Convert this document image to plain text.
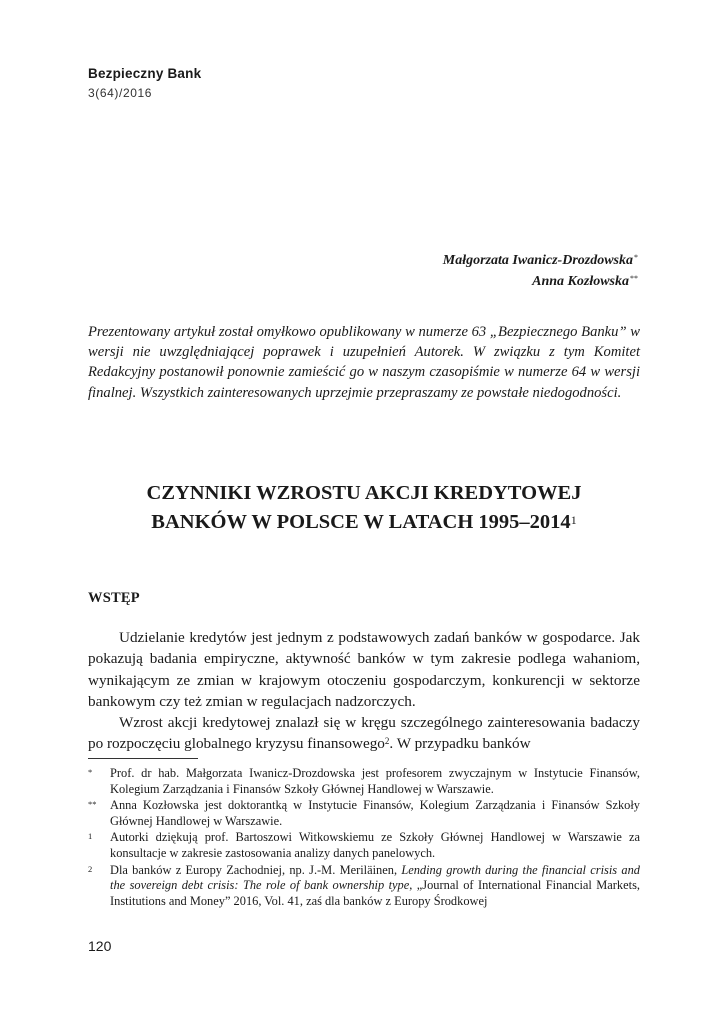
Bezpieczny Bank
3(64)/2016
Małgorzata Iwanicz-Drozdowska*
Anna Kozłowska**
Prezentowany artykuł został omyłkowo opublikowany w numerze 63 „Bezpiecznego Banku” w wersji nie uwzględniającej poprawek i uzupełnień Autorek. W związku z tym Komitet Redakcyjny postanowił ponownie zamieścić go w naszym czasopiśmie w numerze 64 w wersji finalnej. Wszystkich zainteresowanych uprzejmie przepraszamy ze powstałe niedogodności.
CZYNNIKI WZROSTU AKCJI KREDYTOWEJ
BANKÓW W POLSCE W LATACH 1995–2014$^1$
WSTĘP

Udzielanie kredytów jest jednym z podstawowych zadań banków w gospodarce. Jak pokazują badania empiryczne, aktywność banków w tym zakresie podlega wahaniom, wynikającym ze zmian w krajowym otoczeniu gospodarczym, konkurencji w sektorze bankowym czy też zmian w regulacjach nadzorczych.

Wzrost akcji kredytowej znalazł się w kręgu szczególnego zainteresowania badaczy po rozpoczęciu globalnego kryzysu finansowego$^2$. W przypadku banków

*	Prof. dr hab. Małgorzata Iwanicz-Drozdowska jest profesorem zwyczajnym w Instytucie Finansów, Kolegium Zarządzania i Finansów Szkoły Głównej Handlowej w Warszawie.
**	Anna Kozłowska jest doktorantką w Instytucie Finansów, Kolegium Zarządzania i Finansów Szkoły Głównej Handlowej w Warszawie.
1	Autorki dziękują prof. Bartoszowi Witkowskiemu ze Szkoły Głównej Handlowej w Warszawie za konsultacje w zakresie zastosowania analizy danych panelowych.
2	Dla banków z Europy Zachodniej, np. J.-M. Meriläinen, Lending growth during the financial crisis and the sovereign debt crisis: The role of bank ownership type, „Journal of International Financial Markets, Institutions and Money” 2016, Vol. 41, zaś dla banków z Europy Środkowej
120
